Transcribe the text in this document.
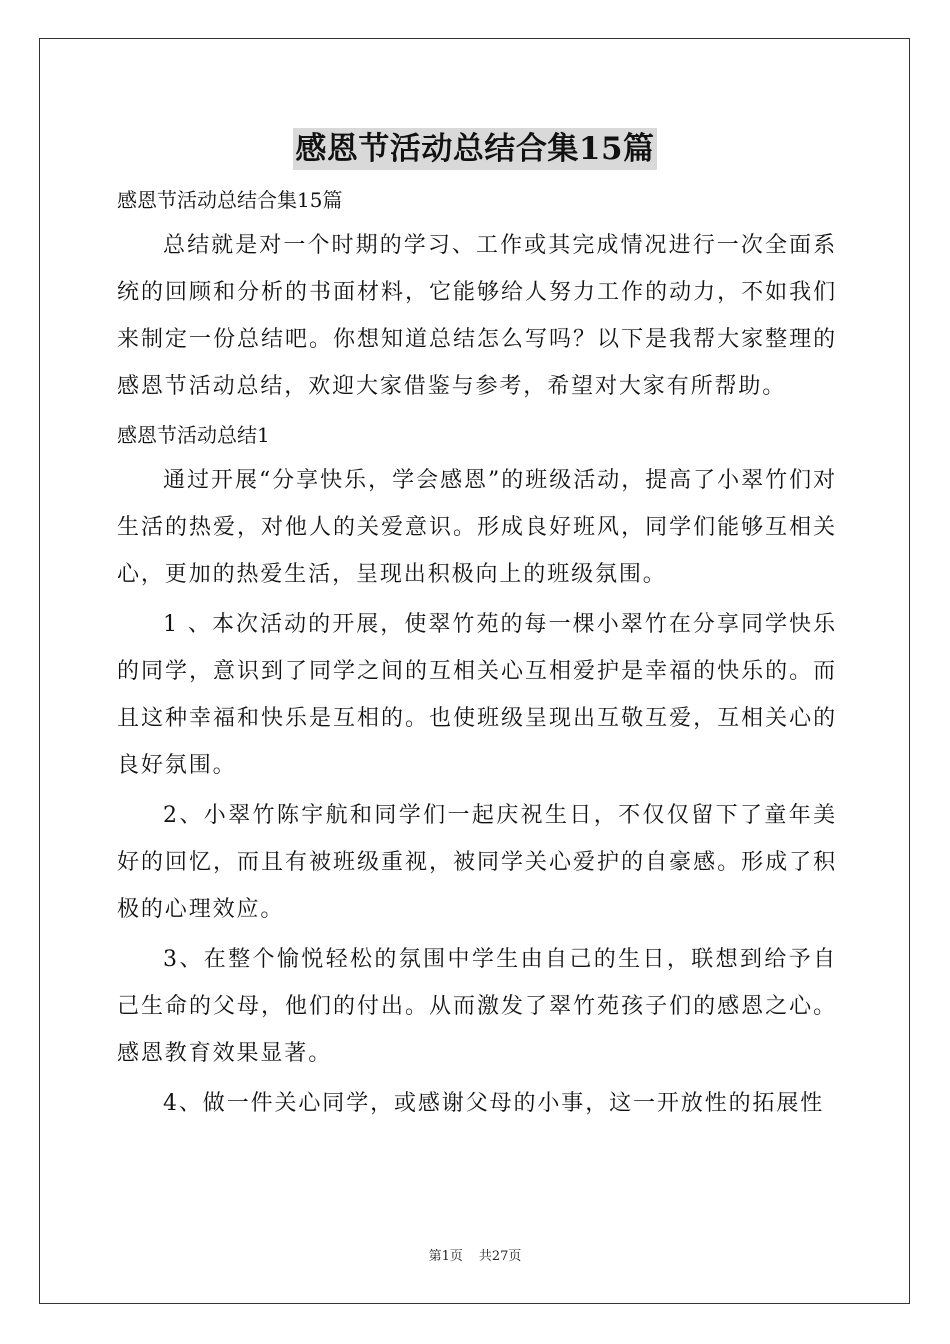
感恩节活动总结合集15篇

感恩节活动总结合集15篇

总结就是对一个时期的学习、工作或其完成情况进行一次全面系统的回顾和分析的书面材料，它能够给人努力工作的动力，不如我们来制定一份总结吧。你想知道总结怎么写吗？以下是我帮大家整理的感恩节活动总结，欢迎大家借鉴与参考，希望对大家有所帮助。

感恩节活动总结1

通过开展“分享快乐，学会感恩”的班级活动，提高了小翠竹们对生活的热爱，对他人的关爱意识。形成良好班风，同学们能够互相关心，更加的热爱生活，呈现出积极向上的班级氛围。

1 、本次活动的开展，使翠竹苑的每一棵小翠竹在分享同学快乐的同学，意识到了同学之间的互相关心互相爱护是幸福的快乐的。而且这种幸福和快乐是互相的。也使班级呈现出互敬互爱，互相关心的良好氛围。

2、小翠竹陈宇航和同学们一起庆祝生日，不仅仅留下了童年美好的回忆，而且有被班级重视，被同学关心爱护的自豪感。形成了积极的心理效应。

3、在整个愉悦轻松的氛围中学生由自己的生日，联想到给予自己生命的父母，他们的付出。从而激发了翠竹苑孩子们的感恩之心。感恩教育效果显著。

4、做一件关心同学，或感谢父母的小事，这一开放性的拓展性

第1页 共27页
